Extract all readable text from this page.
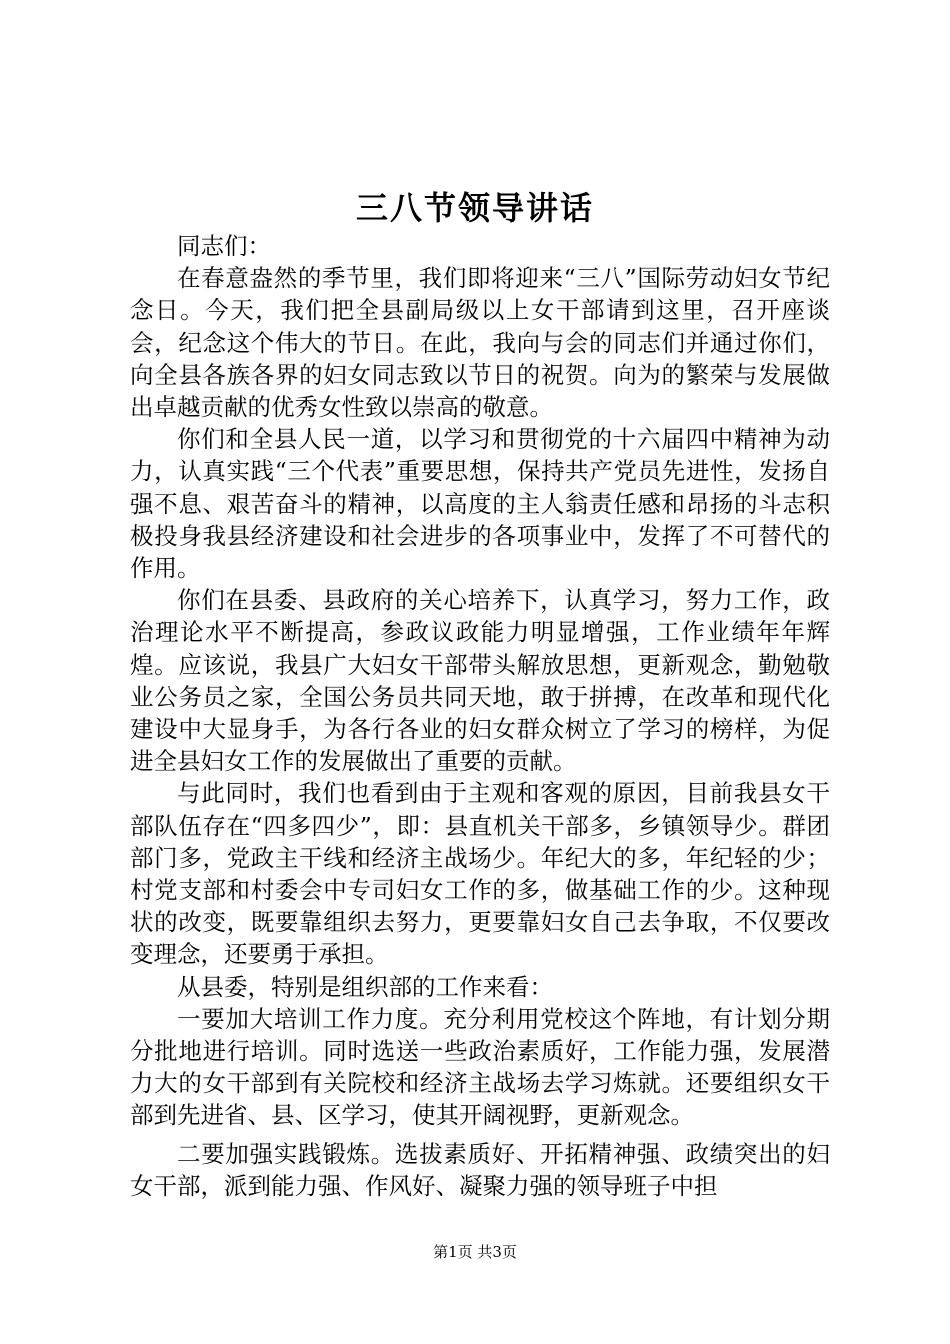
三八节领导讲话

同志们：

在春意盎然的季节里，我们即将迎来“三八”国际劳动妇女节纪念日。今天，我们把全县副局级以上女干部请到这里，召开座谈会，纪念这个伟大的节日。在此，我向与会的同志们并通过你们，向全县各族各界的妇女同志致以节日的祝贺。向为的繁荣与发展做出卓越贡献的优秀女性致以崇高的敬意。

你们和全县人民一道，以学习和贯彻党的十六届四中精神为动力，认真实践“三个代表”重要思想，保持共产党员先进性，发扬自强不息、艰苦奋斗的精神，以高度的主人翁责任感和昂扬的斗志积极投身我县经济建设和社会进步的各项事业中，发挥了不可替代的作用。

你们在县委、县政府的关心培养下，认真学习，努力工作，政治理论水平不断提高，参政议政能力明显增强，工作业绩年年辉煌。应该说，我县广大妇女干部带头解放思想，更新观念，勤勉敬业公务员之家，全国公务员共同天地，敢于拼搏，在改革和现代化建设中大显身手，为各行各业的妇女群众树立了学习的榜样，为促进全县妇女工作的发展做出了重要的贡献。

与此同时，我们也看到由于主观和客观的原因，目前我县女干部队伍存在“四多四少”，即：县直机关干部多，乡镇领导少。群团部门多，党政主干线和经济主战场少。年纪大的多，年纪轻的少；村党支部和村委会中专司妇女工作的多，做基础工作的少。这种现状的改变，既要靠组织去努力，更要靠妇女自己去争取，不仅要改变理念，还要勇于承担。

从县委，特别是组织部的工作来看：

一要加大培训工作力度。充分利用党校这个阵地，有计划分期分批地进行培训。同时选送一些政治素质好，工作能力强，发展潜力大的女干部到有关院校和经济主战场去学习炼就。还要组织女干部到先进省、县、区学习，使其开阔视野，更新观念。

二要加强实践锻炼。选拔素质好、开拓精神强、政绩突出的妇女干部，派到能力强、作风好、凝聚力强的领导班子中担

第1页 共3页
